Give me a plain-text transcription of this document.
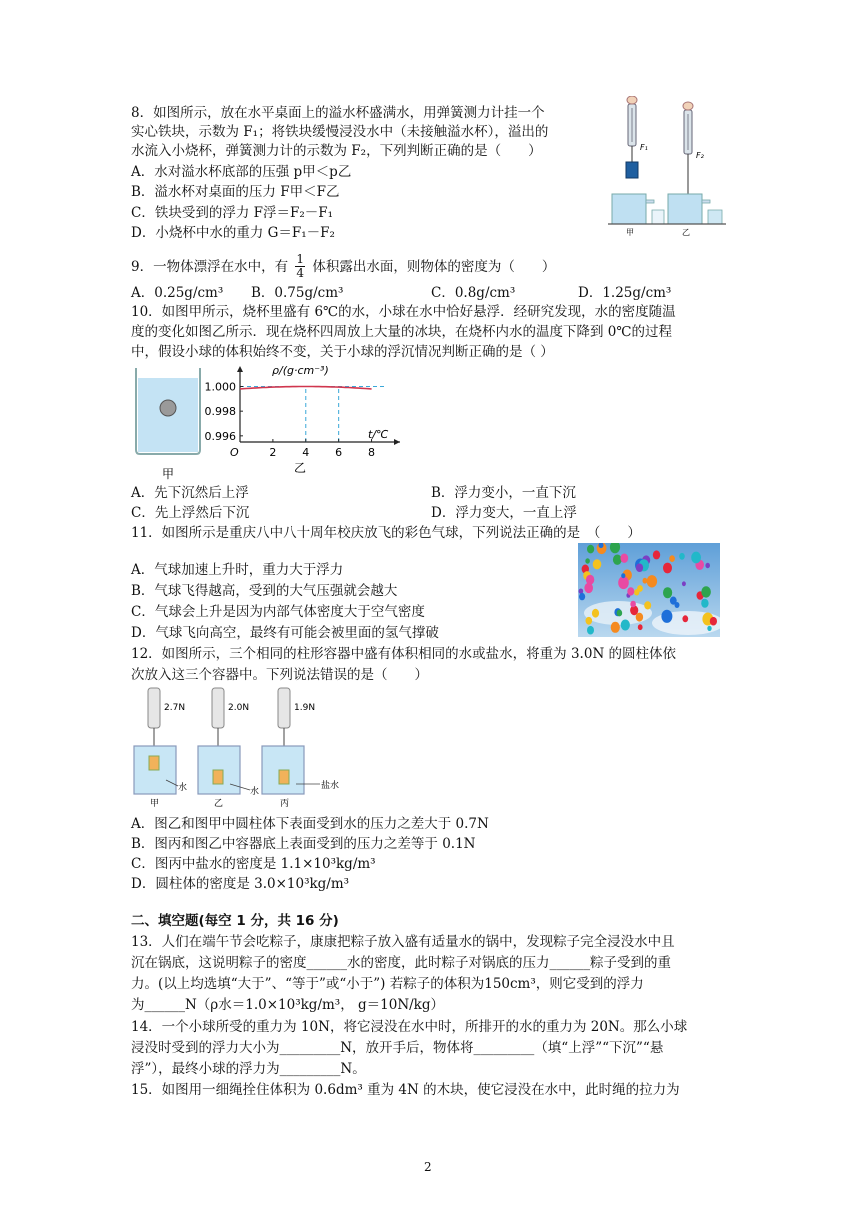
8．如图所示，放在水平桌面上的溢水杯盛满水，用弹簧测力计挂一个
实心铁块，示数为 F₁；将铁块缓慢浸没水中（未接触溢水杯），溢出的
水流入小烧杯，弹簧测力计的示数为 F₂，下列判断正确的是（　　）
A．水对溢水杯底部的压强 p甲＜p乙
B．溢水杯对桌面的压力 F甲＜F乙
C．铁块受到的浮力 F浮＝F₂－F₁
D．小烧杯中水的重力 G＝F₁－F₂
F₁
F₂
甲	乙
9．一物体漂浮在水中，有 $\frac{1}{4}$ 体积露出水面，则物体的密度为（　　）
A．0.25g/cm³ B．0.75g/cm³	C．0.8g/cm³	D．1.25g/cm³
10．如图甲所示，烧杯里盛有 6℃的水，小球在水中恰好悬浮．经研究发现，水的密度随温
度的变化如图乙所示．现在烧杯四周放上大量的冰块，在烧杯内水的温度下降到 0℃的过程
中，假设小球的体积始终不变，关于小球的浮沉情况判断正确的是（ ）
甲
1.000
0.998
0.996
2 4 6 8
ρ/(g·cm⁻³)
t/℃
O
乙
A．先下沉然后上浮	B．浮力变小，一直下沉
C．先上浮然后下沉	D．浮力变大，一直上浮
11．如图所示是重庆八中八十周年校庆放飞的彩色气球，下列说法正确的是　（　　）
A．气球加速上升时，重力大于浮力
B．气球飞得越高，受到的大气压强就会越大
C．气球会上升是因为内部气体密度大于空气密度
D．气球飞向高空，最终有可能会被里面的氢气撑破
12．如图所示，三个相同的柱形容器中盛有体积相同的水或盐水，将重为 3.0N 的圆柱体依
次放入这三个容器中。下列说法错误的是（　　）
2.7N
水
甲
2.0N
水
乙
1.9N
盐水
丙
A．图乙和图甲中圆柱体下表面受到水的压力之差大于 0.7N
B．图丙和图乙中容器底上表面受到的压力之差等于 0.1N
C．图丙中盐水的密度是 1.1×10³kg/m³
D．圆柱体的密度是 3.0×10³kg/m³
二、填空题(每空 1 分，共 16 分)
13．人们在端午节会吃粽子，康康把粽子放入盛有适量水的锅中，发现粽子完全浸没水中且
沉在锅底，这说明粽子的密度______水的密度，此时粽子对锅底的压力______粽子受到的重
力。(以上均选填“大于”、“等于”或“小于”) 若粽子的体积为150cm³，则它受到的浮力
为______N（ρ水＝1.0×10³kg/m³， g＝10N/kg）
14．一个小球所受的重力为 10N，将它浸没在水中时，所排开的水的重力为 20N。那么小球
浸没时受到的浮力大小为_________N，放开手后，物体将_________（填“上浮”“下沉”“悬
浮”），最终小球的浮力为_________N。
15．如图用一细绳拴住体积为 0.6dm³ 重为 4N 的木块，使它浸没在水中，此时绳的拉力为
2
